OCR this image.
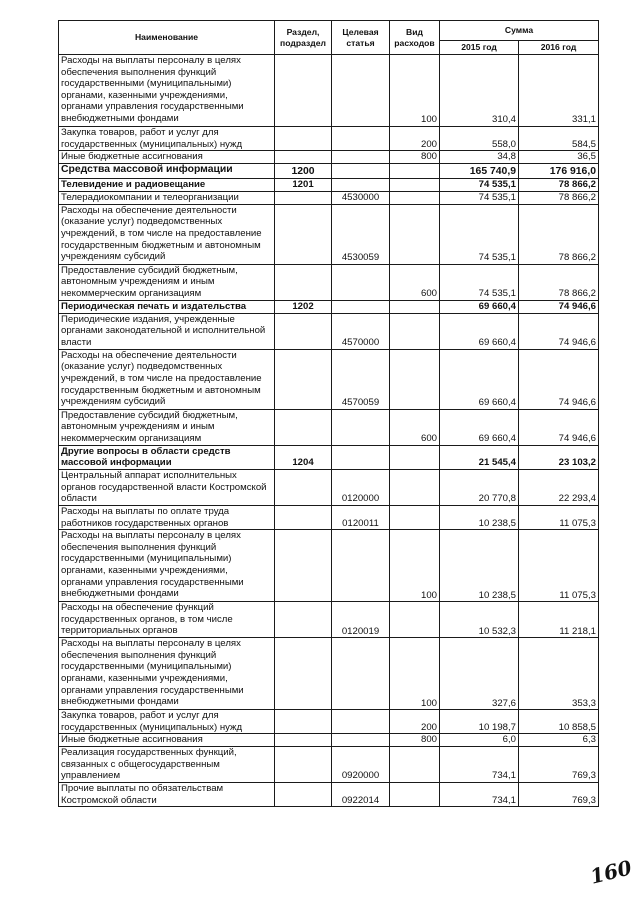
Наименование	Раздел, подраздел	Целевая статья	Вид расходов	Сумма	
				2015 год	2016 год
Расходы на выплаты персоналу в целях обеспечения выполнения функций государственными (муниципальными) органами, казенными учреждениями, органами управления государственными внебюджетными фондами			100	310,4	331,1
Закупка товаров, работ и услуг для государственных (муниципальных) нужд			200	558,0	584,5
Иные бюджетные ассигнования			800	34,8	36,5
Средства массовой информации	1200			165 740,9	176 916,0
Телевидение и радиовещание	1201			74 535,1	78 866,2
Телерадиокомпании и телеорганизации		4530000		74 535,1	78 866,2
Расходы на обеспечение деятельности (оказание услуг) подведомственных учреждений, в том числе на предоставление государственным бюджетным и автономным учреждениям субсидий		4530059		74 535,1	78 866,2
Предоставление субсидий бюджетным, автономным учреждениям и иным некоммерческим организациям			600	74 535,1	78 866,2
Периодическая печать и издательства	1202			69 660,4	74 946,6
Периодические издания, учрежденные органами законодательной и исполнительной власти		4570000		69 660,4	74 946,6
Расходы на обеспечение деятельности (оказание услуг) подведомственных учреждений, в том числе на предоставление государственным бюджетным и автономным учреждениям субсидий		4570059		69 660,4	74 946,6
Предоставление субсидий бюджетным, автономным учреждениям и иным некоммерческим организациям			600	69 660,4	74 946,6
Другие вопросы в области средств массовой информации	1204			21 545,4	23 103,2
Центральный аппарат исполнительных органов государственной власти Костромской области		0120000		20 770,8	22 293,4
Расходы на выплаты по оплате труда работников государственных органов		0120011		10 238,5	11 075,3
Расходы на выплаты персоналу в целях обеспечения выполнения функций государственными (муниципальными) органами, казенными учреждениями, органами управления государственными внебюджетными фондами			100	10 238,5	11 075,3
Расходы на обеспечение функций государственных органов, в том числе территориальных органов		0120019		10 532,3	11 218,1
Расходы на выплаты персоналу в целях обеспечения выполнения функций государственными (муниципальными) органами, казенными учреждениями, органами управления государственными внебюджетными фондами			100	327,6	353,3
Закупка товаров, работ и услуг для государственных (муниципальных) нужд			200	10 198,7	10 858,5
Иные бюджетные ассигнования			800	6,0	6,3
Реализация государственных функций, связанных с общегосударственным управлением		0920000		734,1	769,3
Прочие выплаты по обязательствам Костромской области		0922014		734,1	769,3
160
